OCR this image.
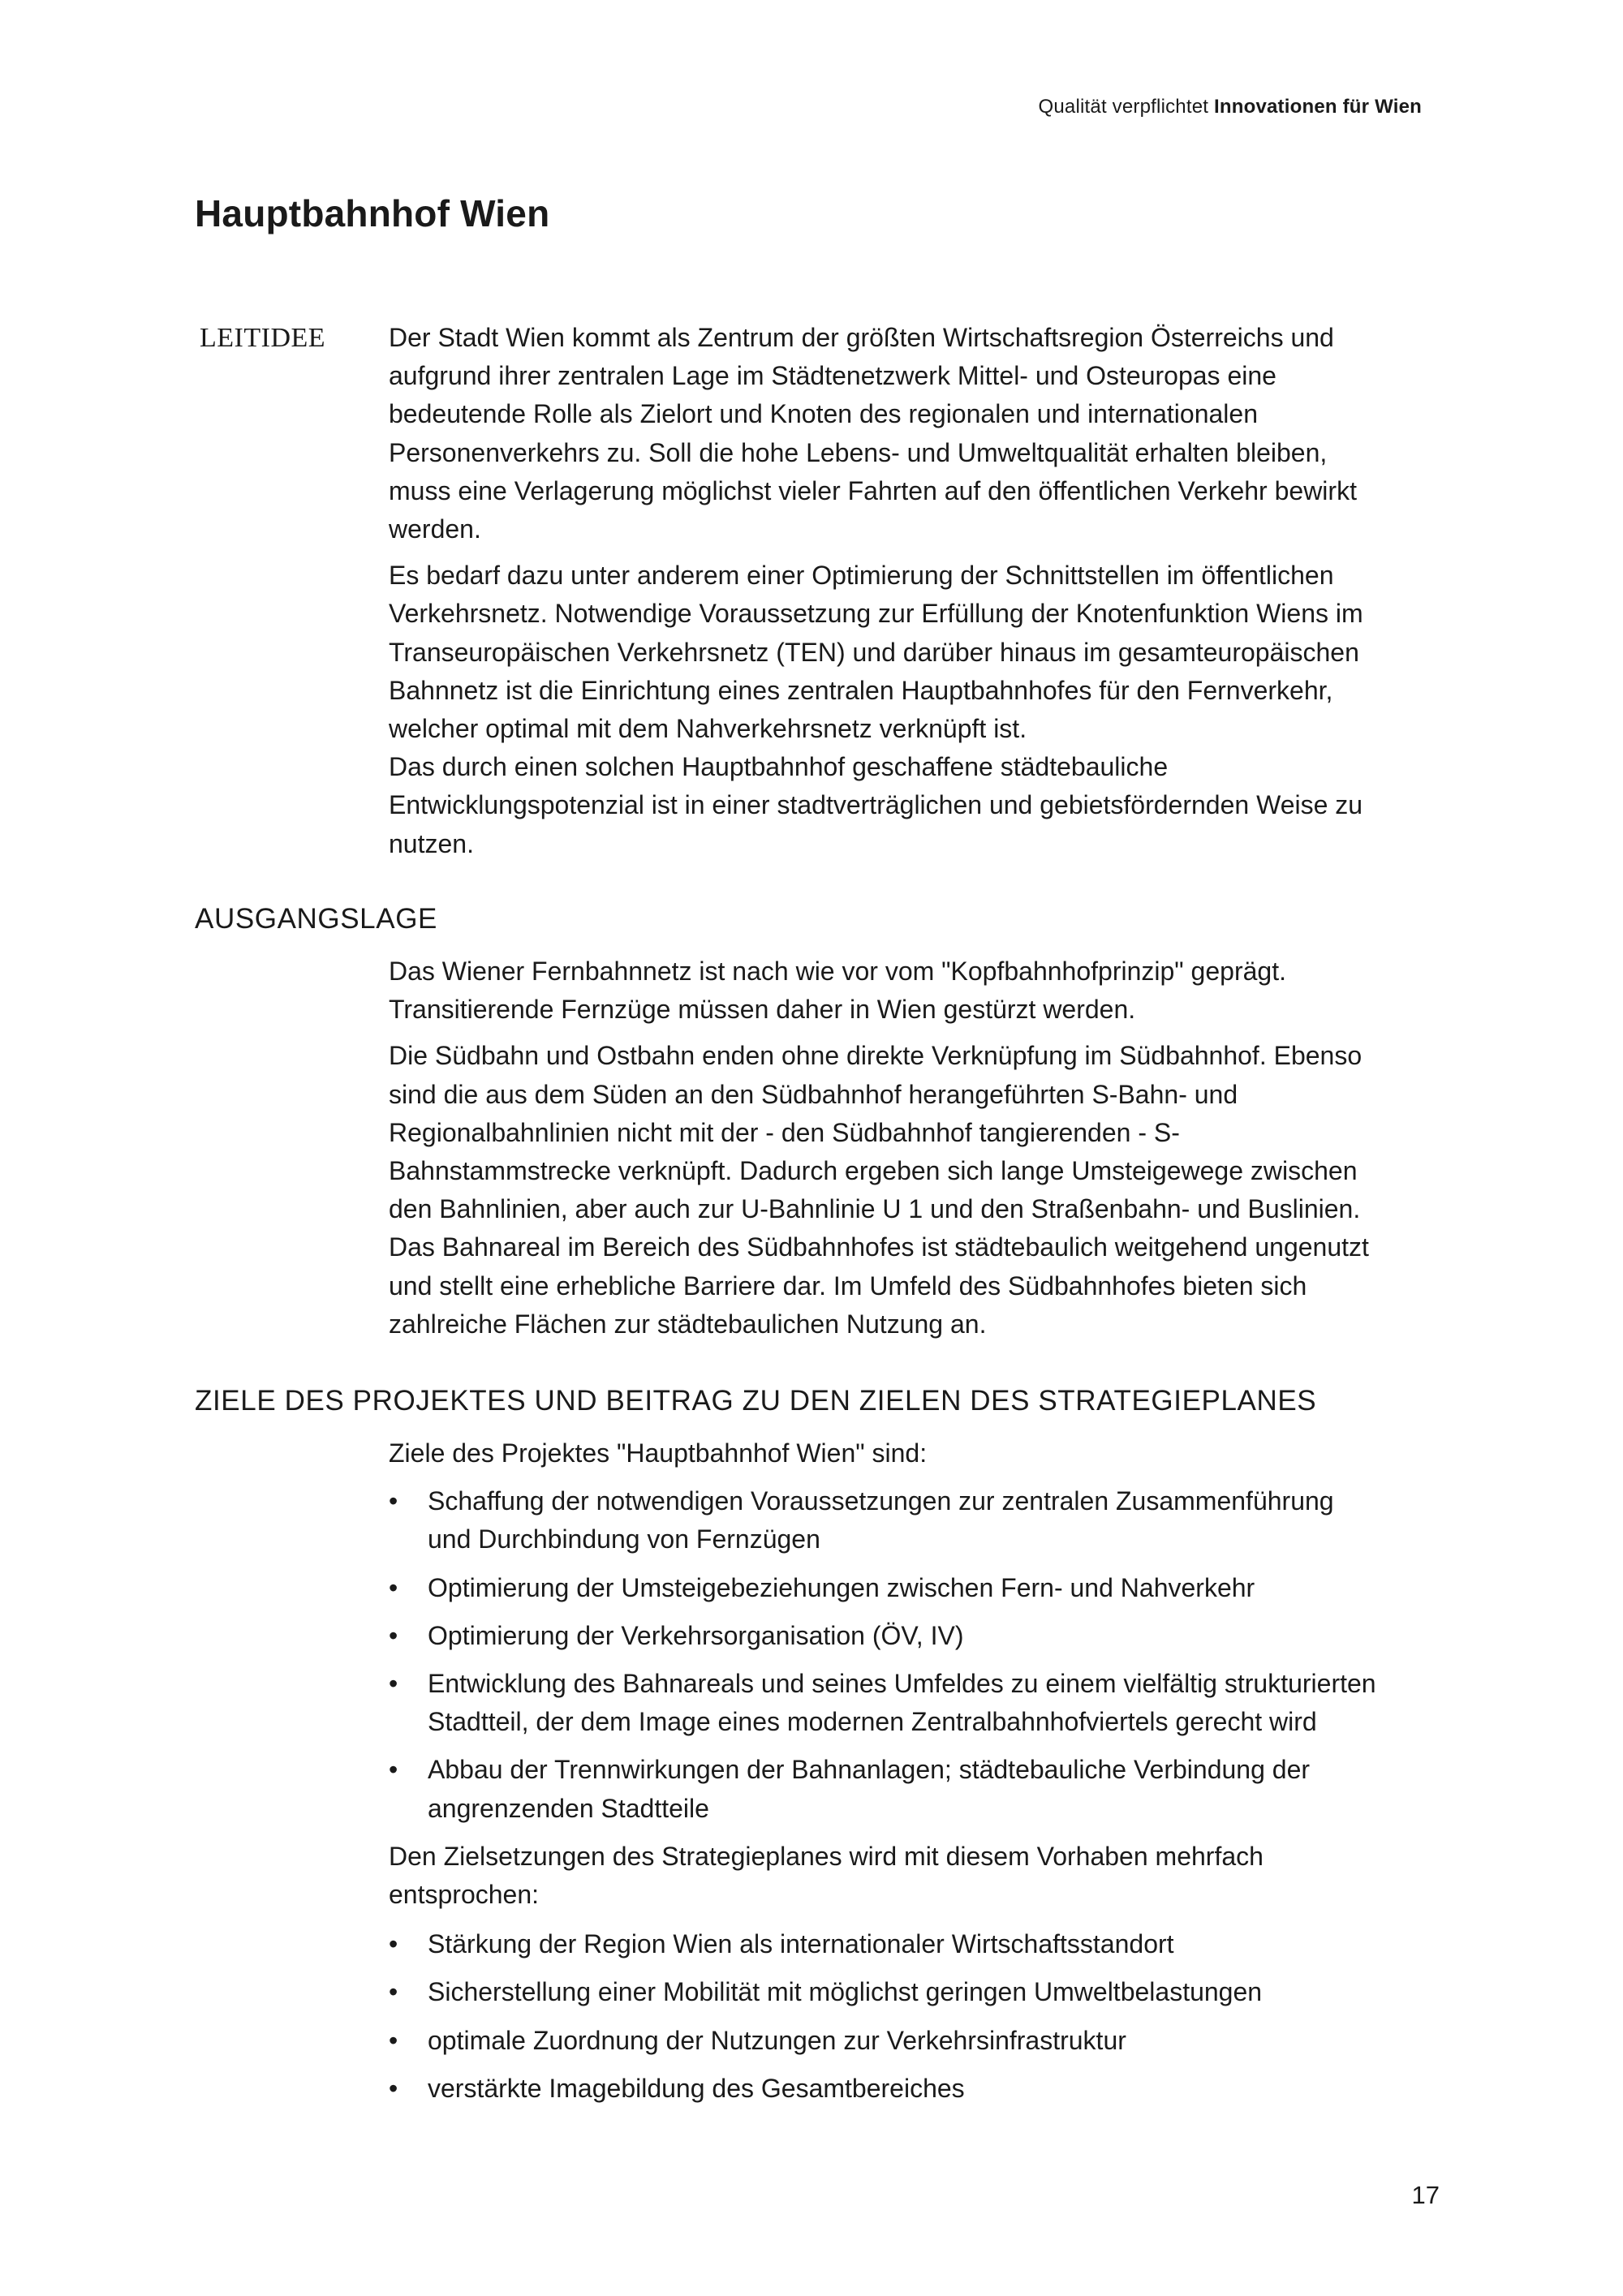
Qualität verpflichtet Innovationen für Wien
Hauptbahnhof Wien
LEITIDEE Der Stadt Wien kommt als Zentrum der größten Wirtschaftsregion Österreichs und
aufgrund ihrer zentralen Lage im Städtenetzwerk Mittel- und Osteuropas eine
bedeutende Rolle als Zielort und Knoten des regionalen und internationalen
Personenverkehrs zu. Soll die hohe Lebens- und Umweltqualität erhalten bleiben,
muss eine Verlagerung möglichst vieler Fahrten auf den öffentlichen Verkehr bewirkt
werden.

Es bedarf dazu unter anderem einer Optimierung der Schnittstellen im öffentlichen
Verkehrsnetz. Notwendige Voraussetzung zur Erfüllung der Knotenfunktion Wiens im
Transeuropäischen Verkehrsnetz (TEN) und darüber hinaus im gesamteuropäischen
Bahnnetz ist die Einrichtung eines zentralen Hauptbahnhofes für den Fernverkehr,
welcher optimal mit dem Nahverkehrsnetz verknüpft ist.
Das durch einen solchen Hauptbahnhof geschaffene städtebauliche
Entwicklungspotenzial ist in einer stadtverträglichen und gebietsfördernden Weise zu
nutzen.

AUSGANGSLAGE

Das Wiener Fernbahnnetz ist nach wie vor vom "Kopfbahnhofprinzip" geprägt.
Transitierende Fernzüge müssen daher in Wien gestürzt werden.

Die Südbahn und Ostbahn enden ohne direkte Verknüpfung im Südbahnhof. Ebenso
sind die aus dem Süden an den Südbahnhof herangeführten S-Bahn- und
Regionalbahnlinien nicht mit der - den Südbahnhof tangierenden - S-
Bahnstammstrecke verknüpft. Dadurch ergeben sich lange Umsteigewege zwischen
den Bahnlinien, aber auch zur U-Bahnlinie U 1 und den Straßenbahn- und Buslinien.
Das Bahnareal im Bereich des Südbahnhofes ist städtebaulich weitgehend ungenutzt
und stellt eine erhebliche Barriere dar. Im Umfeld des Südbahnhofes bieten sich
zahlreiche Flächen zur städtebaulichen Nutzung an.

ZIELE DES PROJEKTES UND BEITRAG ZU DEN ZIELEN DES STRATEGIEPLANES

Ziele des Projektes "Hauptbahnhof Wien" sind:

• Schaffung der notwendigen Voraussetzungen zur zentralen Zusammenführung
und Durchbindung von Fernzügen
• Optimierung der Umsteigebeziehungen zwischen Fern- und Nahverkehr
• Optimierung der Verkehrsorganisation (ÖV, IV)
• Entwicklung des Bahnareals und seines Umfeldes zu einem vielfältig strukturierten
Stadtteil, der dem Image eines modernen Zentralbahnhofviertels gerecht wird
• Abbau der Trennwirkungen der Bahnanlagen; städtebauliche Verbindung der
angrenzenden Stadtteile

Den Zielsetzungen des Strategieplanes wird mit diesem Vorhaben mehrfach
entsprochen:

• Stärkung der Region Wien als internationaler Wirtschaftsstandort
• Sicherstellung einer Mobilität mit möglichst geringen Umweltbelastungen
• optimale Zuordnung der Nutzungen zur Verkehrsinfrastruktur
• verstärkte Imagebildung des Gesamtbereiches
17
